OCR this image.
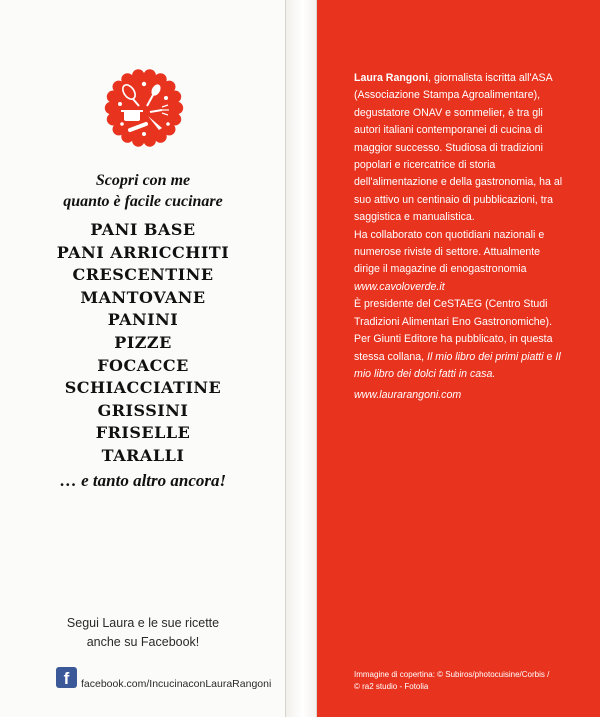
Scopri con me
quanto è facile cucinare
PANI BASE
PANI ARRICCHITI
CRESCENTINE
MANTOVANE
PANINI
PIZZE
FOCACCE
SCHIACCIATINE
GRISSINI
FRISELLE
TARALLI
… e tanto altro ancora!
Segui Laura e le sue ricette
anche su Facebook!
f	facebook.com/IncucinaconLauraRangoni

Laura Rangoni, giornalista iscritta all'ASA (Associazione Stampa Agroalimentare), degustatore ONAV e sommelier, è tra gli autori italiani contemporanei di cucina di maggior successo. Studiosa di tradizioni popolari e ricercatrice di storia dell'alimentazione e della gastronomia, ha al suo attivo un centinaio di pubblicazioni, tra saggistica e manualistica.

Ha collaborato con quotidiani nazionali e numerose riviste di settore. Attualmente dirige il magazine di enogastronomia www.cavoloverde.it

È presidente del CeSTAEG (Centro Studi Tradizioni Alimentari Eno Gastronomiche).

Per Giunti Editore ha pubblicato, in questa stessa collana, Il mio libro dei primi piatti e Il mio libro dei dolci fatti in casa.

www.laurarangoni.com
Immagine di copertina: © Subiros/photocuisine/Corbis /
© ra2 studio - Fotolia
